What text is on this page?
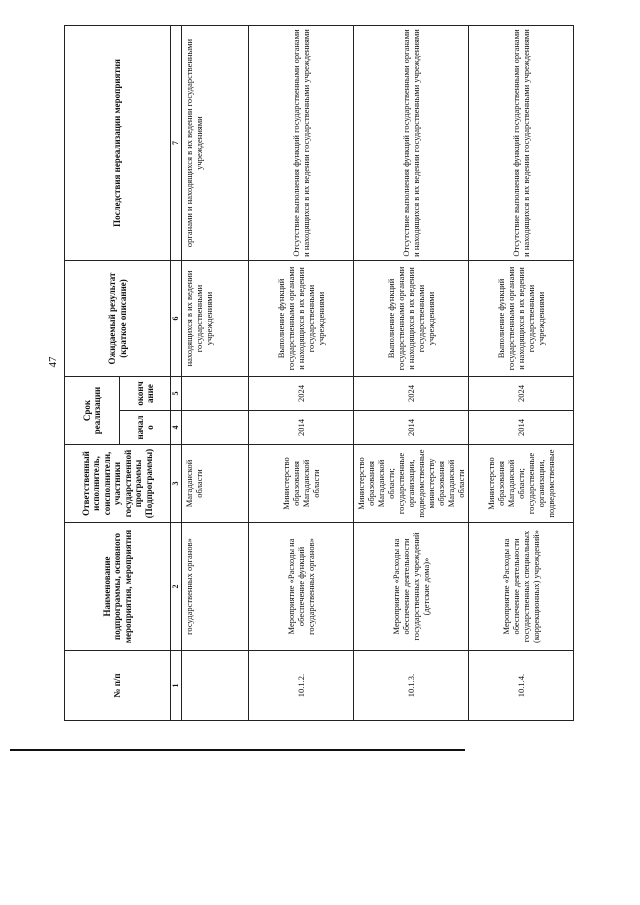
47
№ п/п	Наименование подпрограммы, основного мероприятия, мероприятия	Ответственный исполнитель, соисполнители, участники государственной программы (Подпрограммы)	Срок реализации		Ожидаемый результат (краткое описание)	Последствия нереализации мероприятия
			начало	окончание		
1	2	3	4	5	6	7
	государственных органов»	Магаданской области			находящихся в их ведении государственными учреждениями	органами и находящихся в их ведении государственными учреждениями
10.1.2.	Мероприятие «Расходы на обеспечение функций государственных органов»	Министерство образования Магаданской области	2014	2024	Выполнение функций государственными органами и находящихся в их ведении государственными учреждениями	Отсутствие выполнения функций государственными органами и находящихся в их ведении государственными учреждениями
10.1.3.	Мероприятие «Расходы на обеспечение деятельности государственных учреждений (детские дома)»	Министерство образования Магаданской области; государственные организации, подведомственные министерству образования Магаданской области	2014	2024	Выполнение функций государственными органами и находящихся в их ведении государственными учреждениями	Отсутствие выполнения функций государственными органами и находящихся в их ведении государственными учреждениями
10.1.4.	Мероприятие «Расходы на обеспечение деятельности государственных специальных (коррекционных) учреждений»	Министерство образования Магаданской области; государственные организации, подведомственные	2014	2024	Выполнение функций государственными органами и находящихся в их ведении государственными учреждениями	Отсутствие выполнения функций государственными органами и находящихся в их ведении государственными учреждениями
